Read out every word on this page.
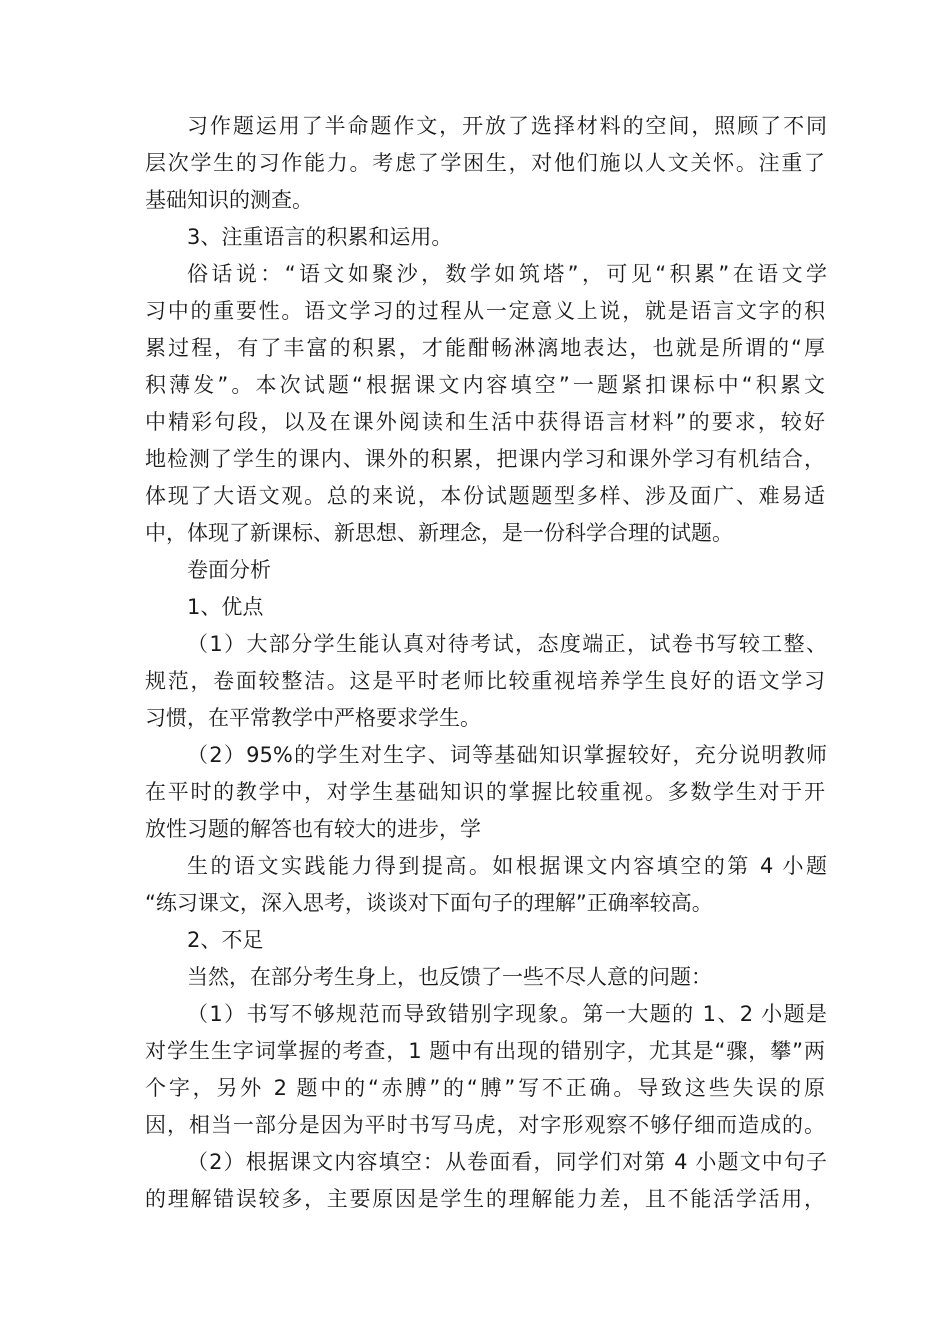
习作题运用了半命题作文，开放了选择材料的空间，照顾了不同
层次学生的习作能力。考虑了学困生，对他们施以人文关怀。注重了
基础知识的测查。
3、注重语言的积累和运用。
俗话说：“语文如聚沙，数学如筑塔”，可见“积累”在语文学
习中的重要性。语文学习的过程从一定意义上说，就是语言文字的积
累过程，有了丰富的积累，才能酣畅淋漓地表达，也就是所谓的“厚
积薄发”。本次试题“根据课文内容填空”一题紧扣课标中“积累文
中精彩句段，以及在课外阅读和生活中获得语言材料”的要求，较好
地检测了学生的课内、课外的积累，把课内学习和课外学习有机结合，
体现了大语文观。总的来说，本份试题题型多样、涉及面广、难易适
中，体现了新课标、新思想、新理念，是一份科学合理的试题。
卷面分析
1、优点
（1）大部分学生能认真对待考试，态度端正，试卷书写较工整、
规范，卷面较整洁。这是平时老师比较重视培养学生良好的语文学习
习惯，在平常教学中严格要求学生。
（2）95%的学生对生字、词等基础知识掌握较好，充分说明教师
在平时的教学中，对学生基础知识的掌握比较重视。多数学生对于开
放性习题的解答也有较大的进步，学
生的语文实践能力得到提高。如根据课文内容填空的第 4 小题
“练习课文，深入思考，谈谈对下面句子的理解”正确率较高。
2、不足
当然，在部分考生身上，也反馈了一些不尽人意的问题：
（1）书写不够规范而导致错别字现象。第一大题的 1、2 小题是
对学生生字词掌握的考查，1 题中有出现的错别字，尤其是“骤，攀”两
个字，另外 2 题中的“赤膊”的“膊”写不正确。导致这些失误的原
因，相当一部分是因为平时书写马虎，对字形观察不够仔细而造成的。
（2）根据课文内容填空：从卷面看，同学们对第 4 小题文中句子
的理解错误较多，主要原因是学生的理解能力差，且不能活学活用，
